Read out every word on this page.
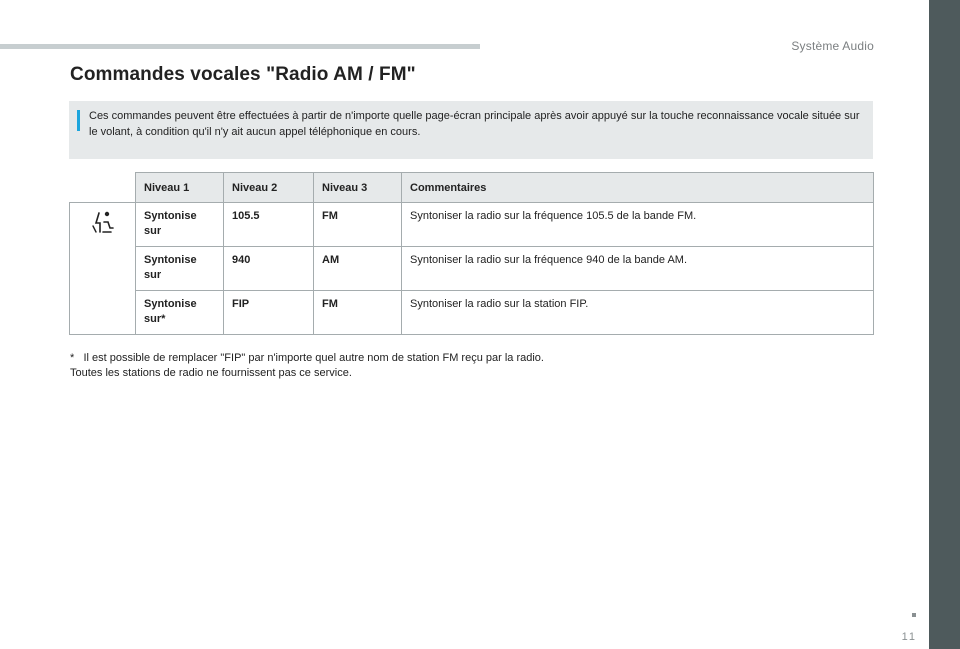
Système Audio
Commandes vocales "Radio AM / FM"
Ces commandes peuvent être effectuées à partir de n'importe quelle page-écran principale après avoir appuyé sur la touche reconnaissance vocale située sur le volant, à condition qu'il n'y ait aucun appel téléphonique en cours.
	Niveau 1	Niveau 2	Niveau 3	Commentaires
	Syntonise sur	105.5	FM	Syntoniser la radio sur la fréquence 105.5 de la bande FM.
	Syntonise sur	940	AM	Syntoniser la radio sur la fréquence 940 de la bande AM.
	Syntonise sur*	FIP	FM	Syntoniser la radio sur la station FIP.
*   Il est possible de remplacer "FIP" par n'importe quel autre nom de station FM reçu par la radio.
Toutes les stations de radio ne fournissent pas ce service.
11
